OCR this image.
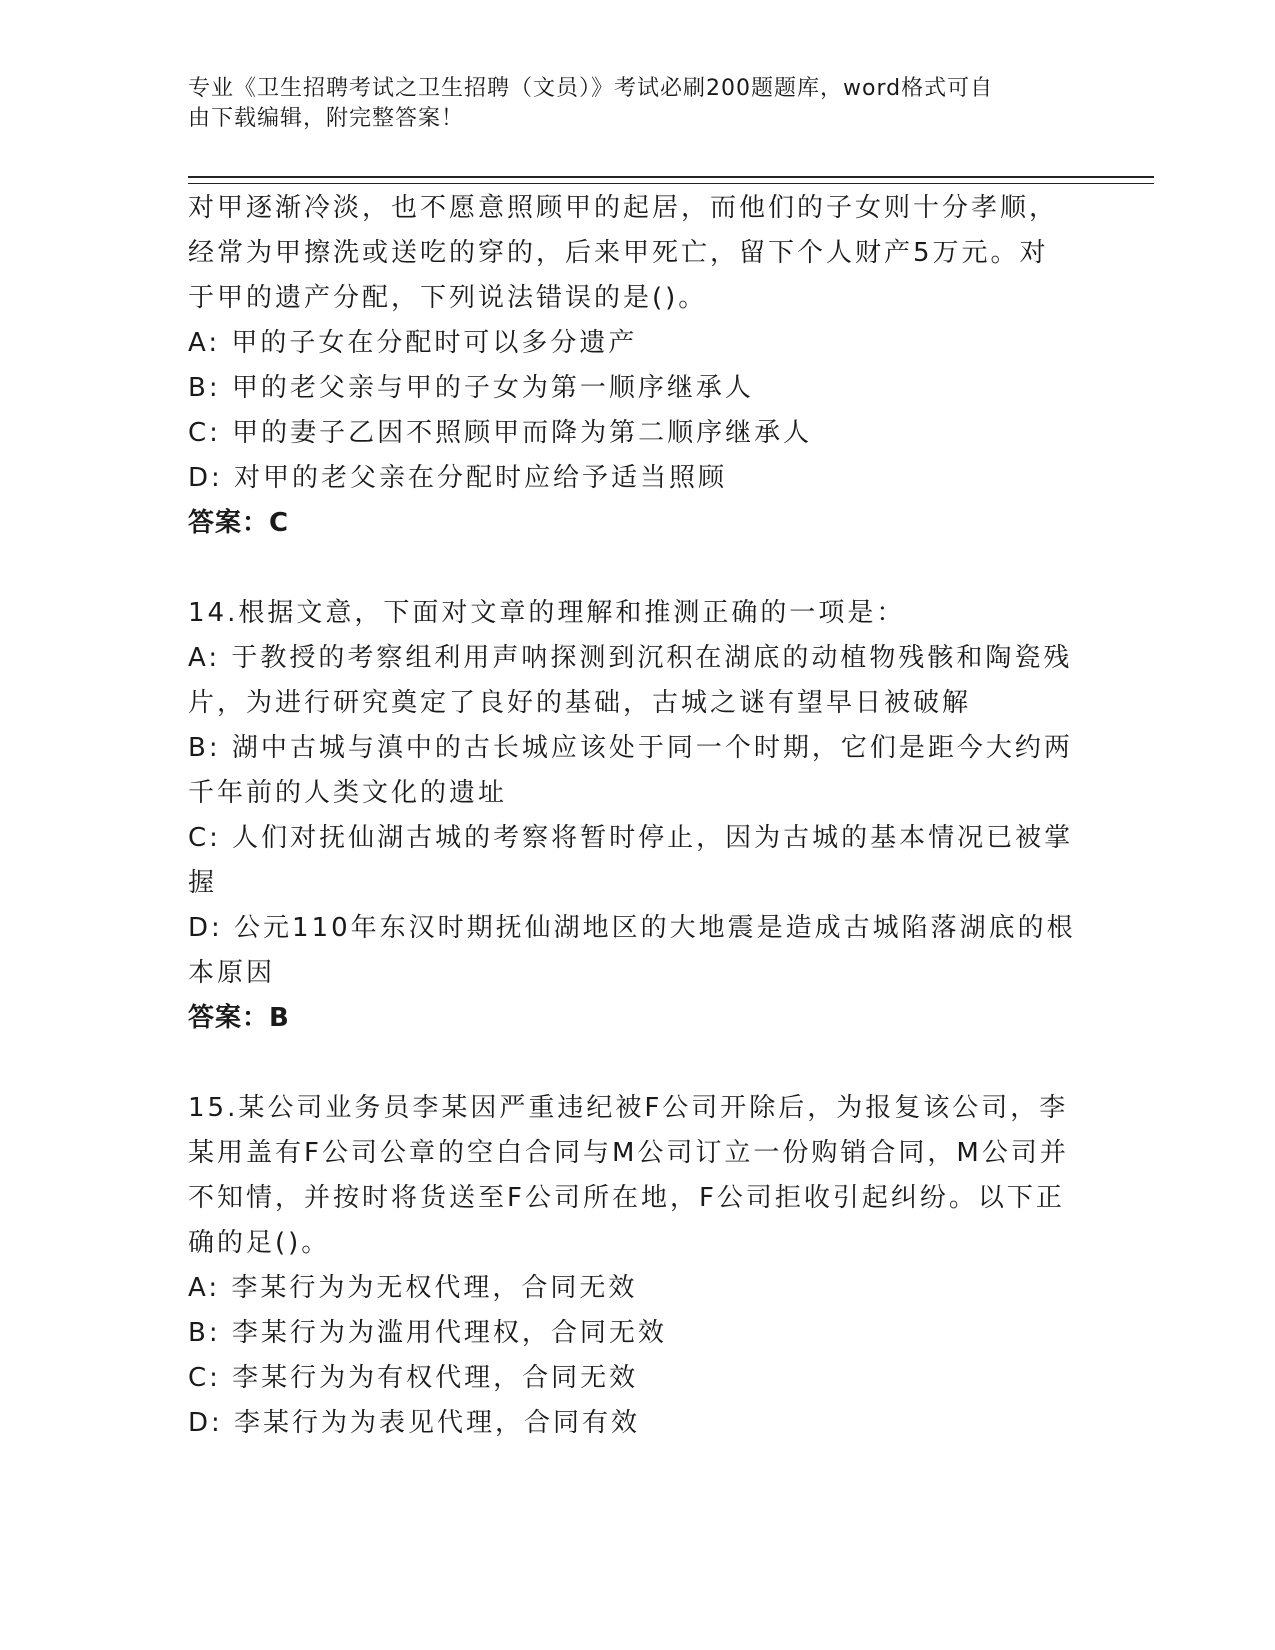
专业《卫生招聘考试之卫生招聘（文员）》考试必刷200题题库，word格式可自
由下载编辑，附完整答案！

对甲逐渐冷淡，也不愿意照顾甲的起居，而他们的子女则十分孝顺，

经常为甲擦洗或送吃的穿的，后来甲死亡，留下个人财产5万元。对

于甲的遗产分配，下列说法错误的是()。

A: 甲的子女在分配时可以多分遗产

B: 甲的老父亲与甲的子女为第一顺序继承人

C: 甲的妻子乙因不照顾甲而降为第二顺序继承人

D: 对甲的老父亲在分配时应给予适当照顾

答案：C

14.根据文意，下面对文章的理解和推测正确的一项是：

A: 于教授的考察组利用声呐探测到沉积在湖底的动植物残骸和陶瓷残

片，为进行研究奠定了良好的基础，古城之谜有望早日被破解

B: 湖中古城与滇中的古长城应该处于同一个时期，它们是距今大约两

千年前的人类文化的遗址

C: 人们对抚仙湖古城的考察将暂时停止，因为古城的基本情况已被掌

握

D: 公元110年东汉时期抚仙湖地区的大地震是造成古城陷落湖底的根

本原因

答案：B

15.某公司业务员李某因严重违纪被F公司开除后，为报复该公司，李

某用盖有F公司公章的空白合同与M公司订立一份购销合同，M公司并

不知情，并按时将货送至F公司所在地，F公司拒收引起纠纷。以下正

确的足()。

A: 李某行为为无权代理，合同无效

B: 李某行为为滥用代理权，合同无效

C: 李某行为为有权代理，合同无效

D: 李某行为为表见代理，合同有效
